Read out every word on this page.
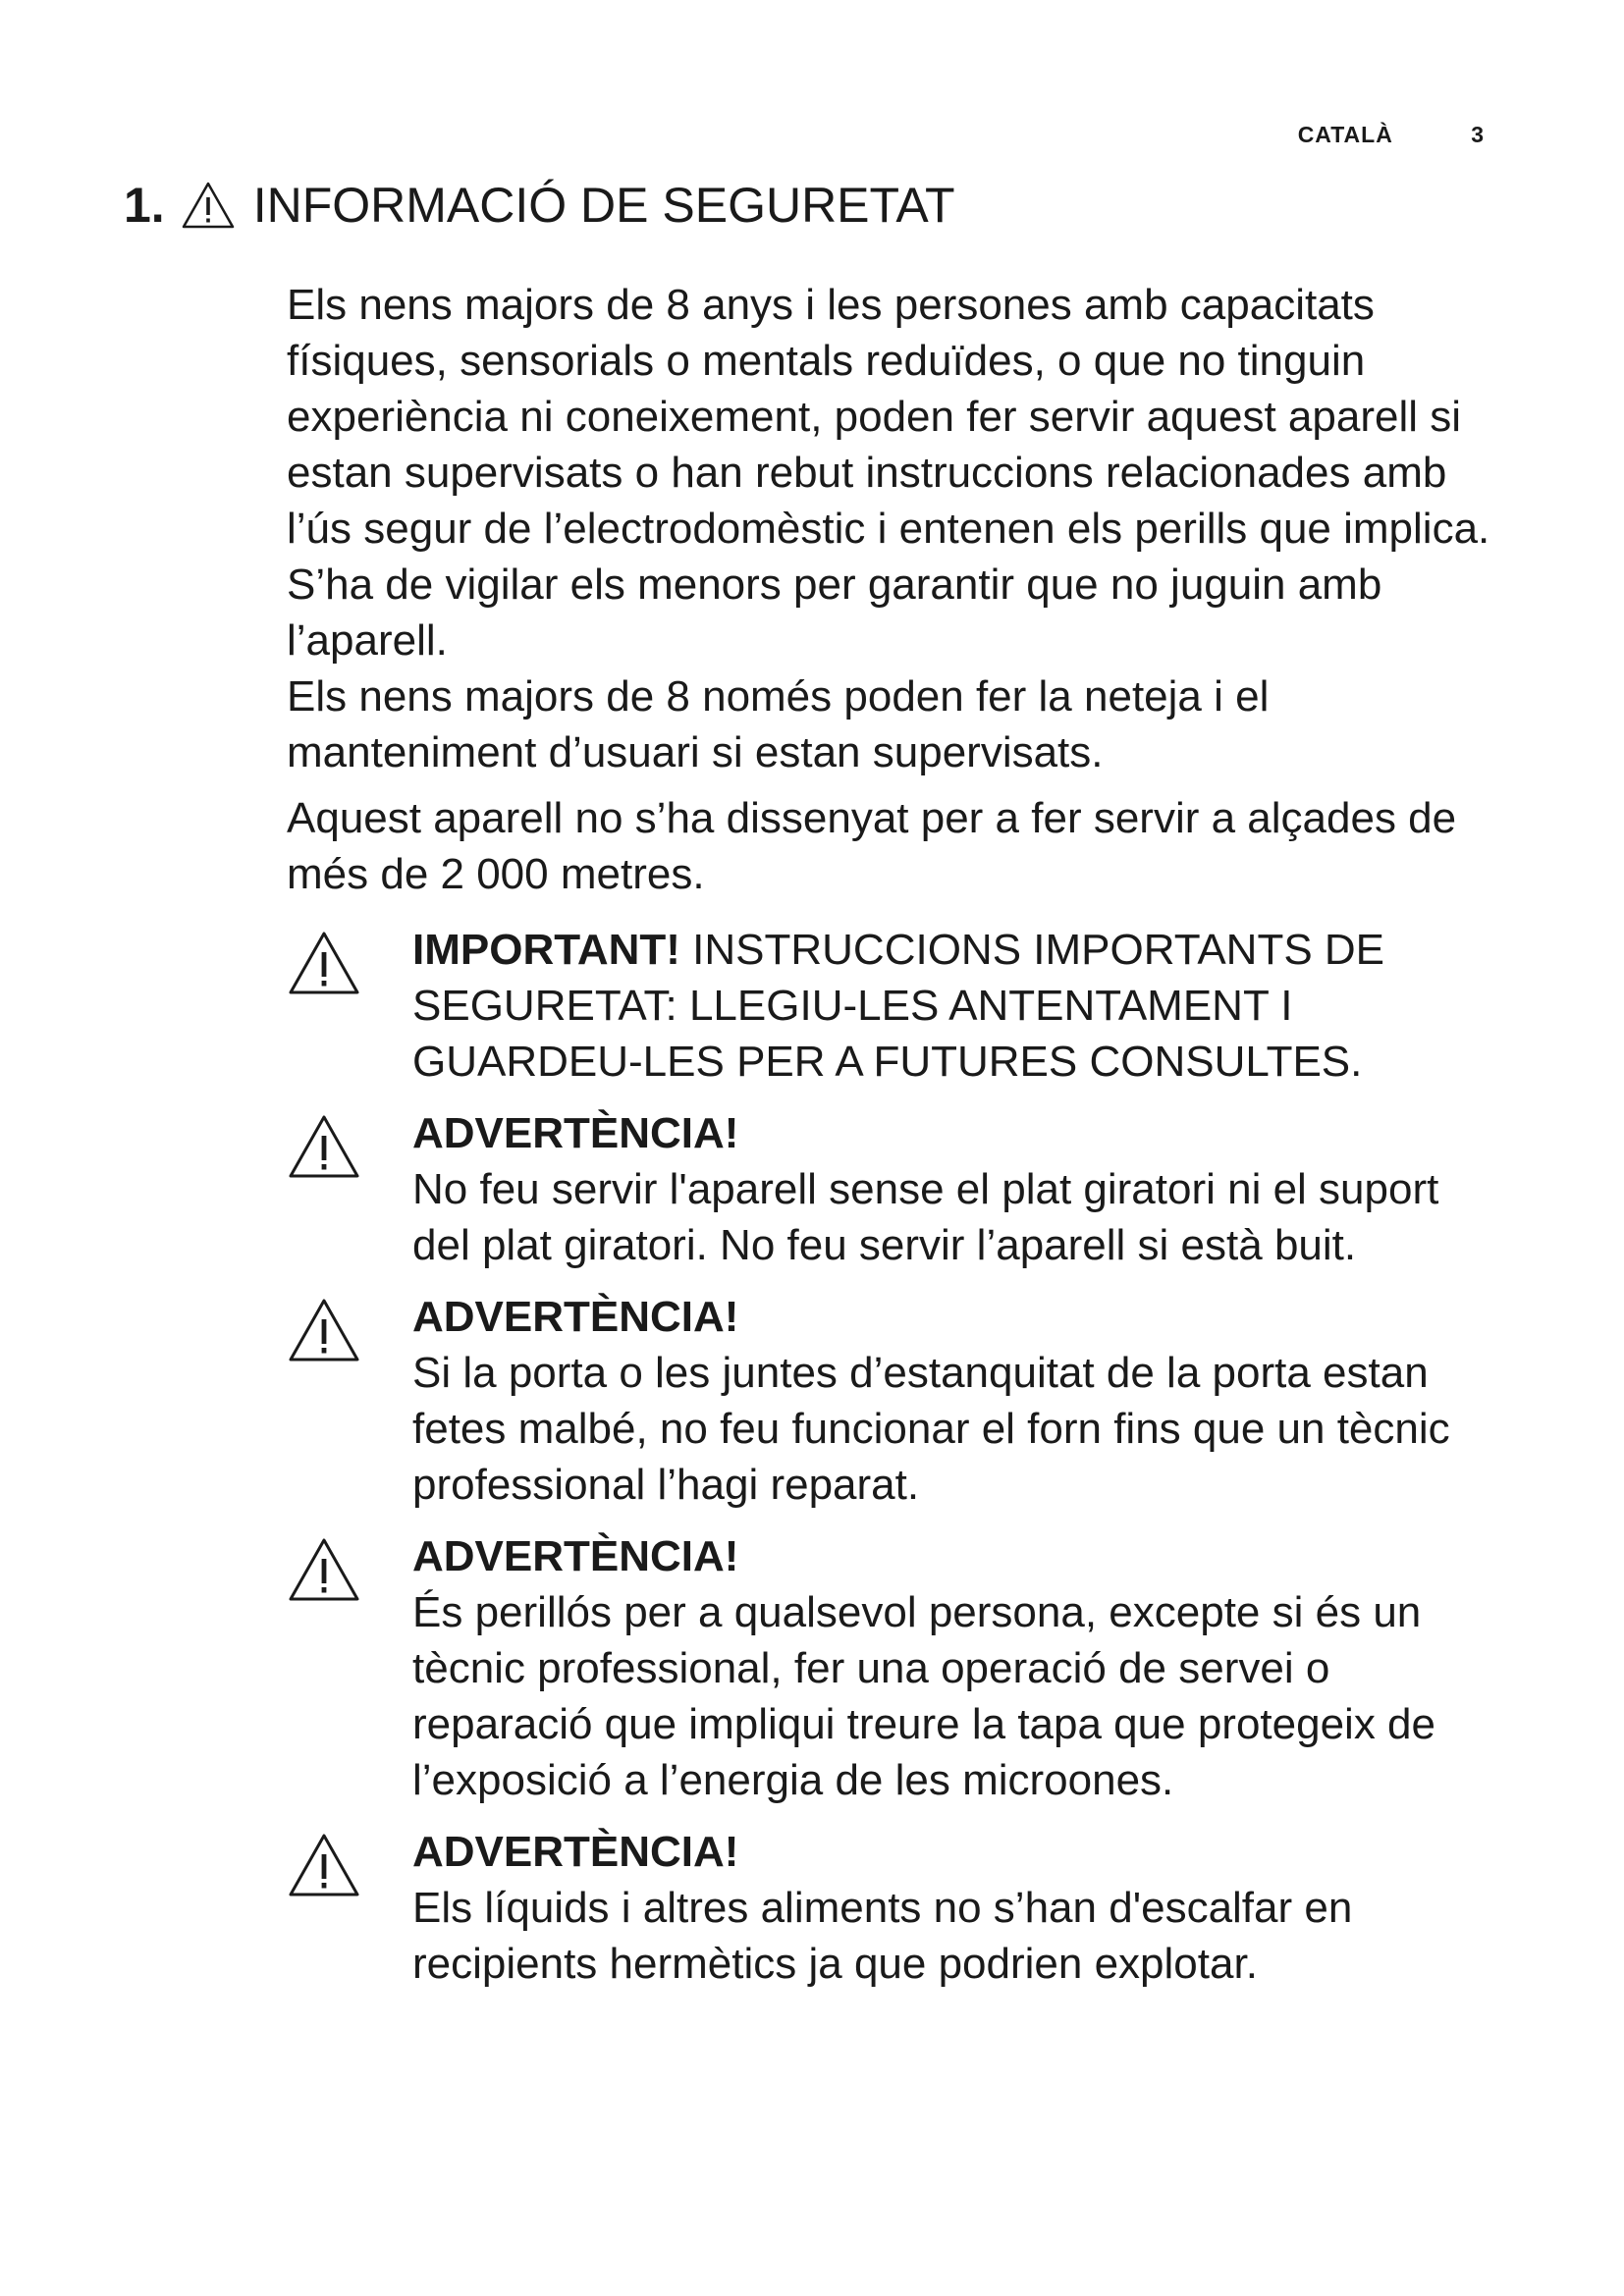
CATALÀ	3
1. INFORMACIÓ DE SEGURETAT

Els nens majors de 8 anys i les persones amb capacitats físiques, sensorials o mentals reduïdes, o que no tinguin experiència ni coneixement, poden fer servir aquest aparell si estan supervisats o han rebut instruccions relacionades amb l’ús segur de l’electrodomèstic i entenen els perills que implica. S’ha de vigilar els menors per garantir que no juguin amb l’aparell.

Els nens majors de 8 només poden fer la neteja i el manteniment d’usuari si estan supervisats.

Aquest aparell no s’ha dissenyat per a fer servir a alçades de més de 2 000 metres.

IMPORTANT! INSTRUCCIONS IMPORTANTS DE SEGURETAT: LLEGIU-LES ANTENTAMENT I GUARDEU-LES PER A FUTURES CONSULTES.

ADVERTÈNCIA!

No feu servir l'aparell sense el plat giratori ni el suport del plat giratori. No feu servir l’aparell si està buit.

ADVERTÈNCIA!

Si la porta o les juntes d’estanquitat de la porta estan fetes malbé, no feu funcionar el forn fins que un tècnic professional l’hagi reparat.

ADVERTÈNCIA!

És perillós per a qualsevol persona, excepte si és un tècnic professional, fer una operació de servei o reparació que impliqui treure la tapa que protegeix de l’exposició a l’energia de les microones.

ADVERTÈNCIA!

Els líquids i altres aliments no s’han d'escalfar en recipients hermètics ja que podrien explotar.
